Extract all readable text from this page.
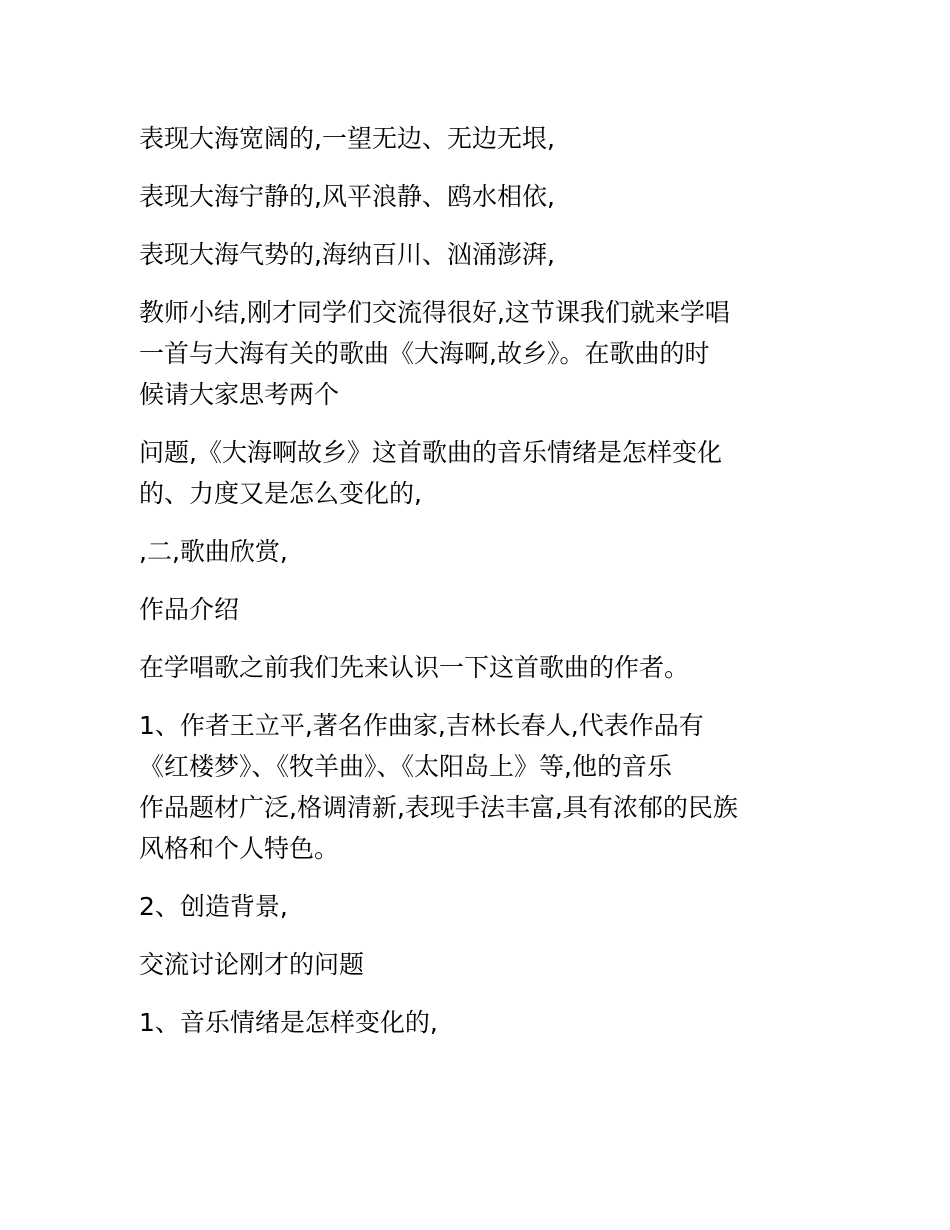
表现大海宽阔的,一望无边、无边无垠,

表现大海宁静的,风平浪静、鸥水相依,

表现大海气势的,海纳百川、汹涌澎湃,

教师小结,刚才同学们交流得很好,这节课我们就来学唱
一首与大海有关的歌曲《大海啊,故乡》。在歌曲的时
候请大家思考两个

问题,《大海啊故乡》这首歌曲的音乐情绪是怎样变化
的、力度又是怎么变化的,

,二,歌曲欣赏,

作品介绍

在学唱歌之前我们先来认识一下这首歌曲的作者。

1、作者王立平,著名作曲家,吉林长春人,代表作品有
《红楼梦》、《牧羊曲》、《太阳岛上》等,他的音乐
作品题材广泛,格调清新,表现手法丰富,具有浓郁的民族
风格和个人特色。

2、创造背景,

交流讨论刚才的问题

1、音乐情绪是怎样变化的,
